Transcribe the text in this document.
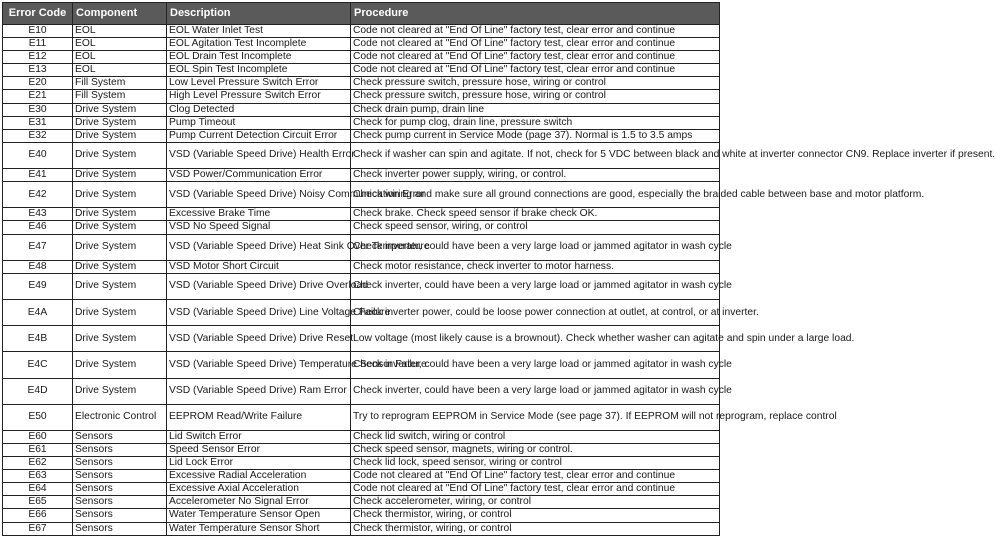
Error Code	Component	Description	Procedure
E10	EOL	EOL Water Inlet Test	Code not cleared at "End Of Line" factory test, clear error and continue
E11	EOL	EOL Agitation Test Incomplete	Code not cleared at "End Of Line" factory test, clear error and continue
E12	EOL	EOL Drain Test Incomplete	Code not cleared at "End Of Line" factory test, clear error and continue
E13	EOL	EOL Spin Test Incomplete	Code not cleared at "End Of Line" factory test, clear error and continue
E20	Fill System	Low Level Pressure Switch Error	Check pressure switch, pressure hose, wiring or control
E21	Fill System	High Level Pressure Switch Error	Check pressure switch, pressure hose, wiring or control
E30	Drive System	Clog Detected	Check drain pump, drain line
E31	Drive System	Pump Timeout	Check for pump clog, drain line, pressure switch
E32	Drive System	Pump Current Detection Circuit Error	Check pump current in Service Mode (page 37). Normal is 1.5 to 3.5 amps
E40	Drive System	VSD (Variable Speed Drive) Health Error	Check if washer can spin and agitate. If not, check for 5 VDC between black and white at inverter connector CN9. Replace inverter if present.
E41	Drive System	VSD Power/Communication Error	Check inverter power supply, wiring, or control.
E42	Drive System	VSD (Variable Speed Drive) Noisy Communication Error	Check wiring and make sure all ground connections are good, especially the braided cable between base and motor platform.
E43	Drive System	Excessive Brake Time	Check brake. Check speed sensor if brake check OK.
E46	Drive System	VSD No Speed Signal	Check speed sensor, wiring, or control
E47	Drive System	VSD (Variable Speed Drive) Heat Sink Over Temperature	Check inverter, could have been a very large load or jammed agitator in wash cycle
E48	Drive System	VSD Motor Short Circuit	Check motor resistance, check inverter to motor harness.
E49	Drive System	VSD (Variable Speed Drive) Drive Overload	Check inverter, could have been a very large load or jammed agitator in wash cycle
E4A	Drive System	VSD (Variable Speed Drive) Line Voltage Failure	Check inverter power, could be loose power connection at outlet, at control, or at inverter.
E4B	Drive System	VSD (Variable Speed Drive) Drive Reset	Low voltage (most likely cause is a brownout). Check whether washer can agitate and spin under a large load.
E4C	Drive System	VSD (Variable Speed Drive) Temperature Sensor Failure	Check inverter, could have been a very large load or jammed agitator in wash cycle
E4D	Drive System	VSD (Variable Speed Drive) Ram Error	Check inverter, could have been a very large load or jammed agitator in wash cycle
E50	Electronic Control	EEPROM Read/Write Failure	Try to reprogram EEPROM in Service Mode (see page 37). If EEPROM will not reprogram, replace control
E60	Sensors	Lid Switch Error	Check lid switch, wiring or control
E61	Sensors	Speed Sensor Error	Check speed sensor, magnets, wiring or control.
E62	Sensors	Lid Lock Error	Check lid lock, speed sensor, wiring or control
E63	Sensors	Excessive Radial Acceleration	Code not cleared at "End Of Line" factory test, clear error and continue
E64	Sensors	Excessive Axial Acceleration	Code not cleared at "End Of Line" factory test, clear error and continue
E65	Sensors	Accelerometer No Signal Error	Check accelerometer, wiring, or control
E66	Sensors	Water Temperature Sensor Open	Check thermistor, wiring, or control
E67	Sensors	Water Temperature Sensor Short	Check thermistor, wiring, or control
